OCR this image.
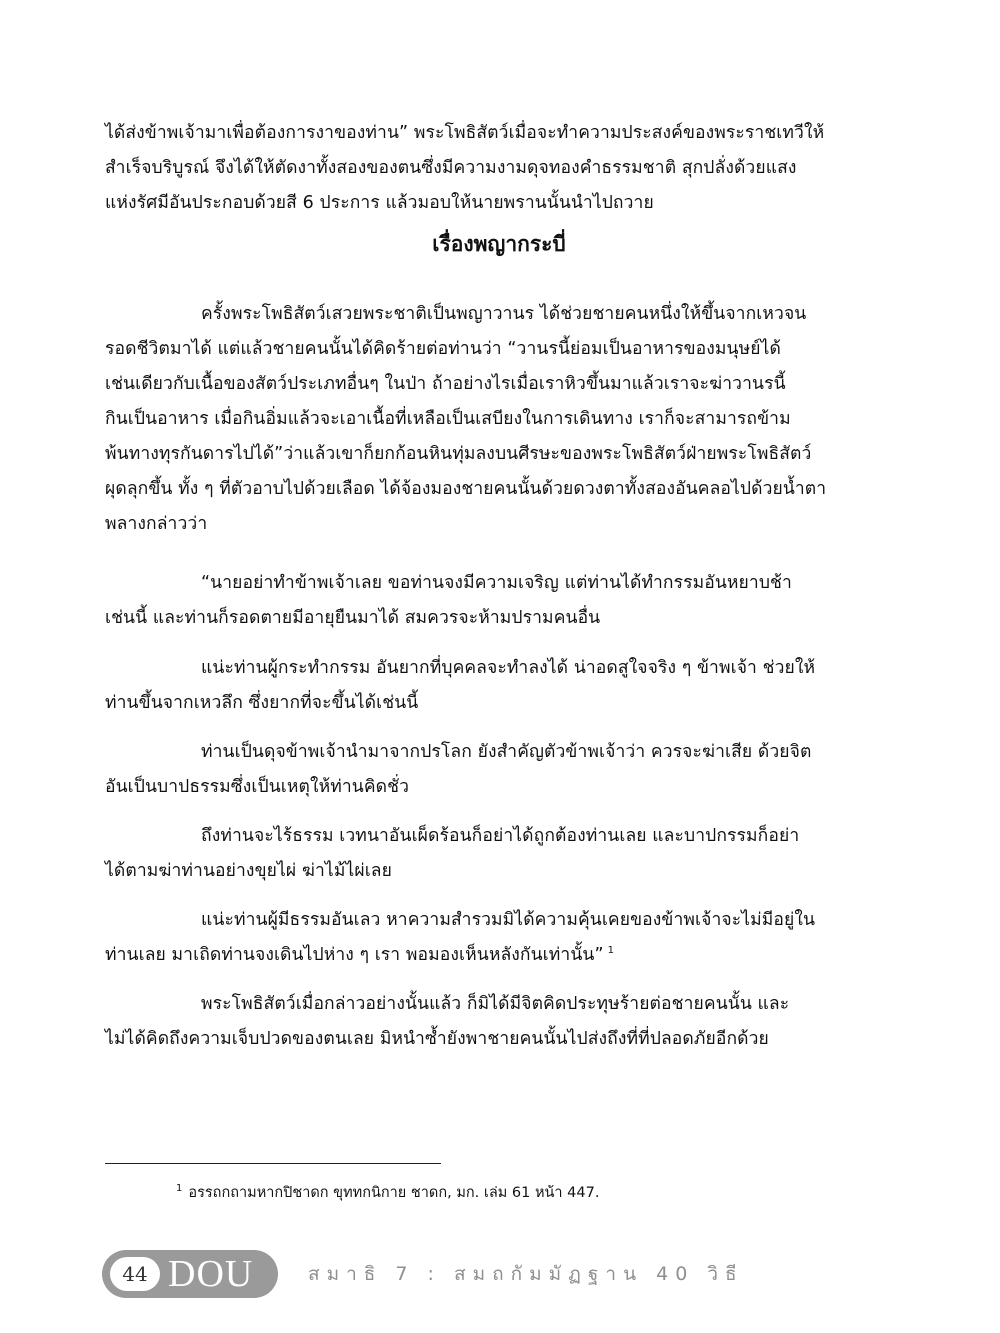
ได้ส่งข้าพเจ้ามาเพื่อต้องการงาของท่าน” พระโพธิสัตว์เมื่อจะทำความประสงค์ของพระราชเทวีให้
สำเร็จบริบูรณ์ จึงได้ให้ตัดงาทั้งสองของตนซึ่งมีความงามดุจทองคำธรรมชาติ สุกปลั่งด้วยแสง
แห่งรัศมีอันประกอบด้วยสี 6 ประการ แล้วมอบให้นายพรานนั้นนำไปถวาย

เรื่องพญากระบี่

ครั้งพระโพธิสัตว์เสวยพระชาติเป็นพญาวานร ได้ช่วยชายคนหนึ่งให้ขึ้นจากเหวจน
รอดชีวิตมาได้ แต่แล้วชายคนนั้นได้คิดร้ายต่อท่านว่า “วานรนี้ย่อมเป็นอาหารของมนุษย์ได้
เช่นเดียวกับเนื้อของสัตว์ประเภทอื่นๆ ในป่า ถ้าอย่างไรเมื่อเราหิวขึ้นมาแล้วเราจะฆ่าวานรนี้
กินเป็นอาหาร เมื่อกินอิ่มแล้วจะเอาเนื้อที่เหลือเป็นเสบียงในการเดินทาง เราก็จะสามารถข้าม
พ้นทางทุรกันดารไปได้”ว่าแล้วเขาก็ยกก้อนหินทุ่มลงบนศีรษะของพระโพธิสัตว์ฝ่ายพระโพธิสัตว์
ผุดลุกขึ้น ทั้ง ๆ ที่ตัวอาบไปด้วยเลือด ได้จ้องมองชายคนนั้นด้วยดวงตาทั้งสองอันคลอไปด้วยน้ำตา
พลางกล่าวว่า

“นายอย่าทำข้าพเจ้าเลย ขอท่านจงมีความเจริญ แต่ท่านได้ทำกรรมอันหยาบช้า
เช่นนี้ และท่านก็รอดตายมีอายุยืนมาได้ สมควรจะห้ามปรามคนอื่น

แน่ะท่านผู้กระทำกรรม อันยากที่บุคคลจะทำลงได้ น่าอดสูใจจริง ๆ ข้าพเจ้า ช่วยให้
ท่านขึ้นจากเหวลึก ซึ่งยากที่จะขึ้นได้เช่นนี้

ท่านเป็นดุจข้าพเจ้านำมาจากปรโลก ยังสำคัญตัวข้าพเจ้าว่า ควรจะฆ่าเสีย ด้วยจิต
อันเป็นบาปธรรมซึ่งเป็นเหตุให้ท่านคิดชั่ว

ถึงท่านจะไร้ธรรม เวทนาอันเผ็ดร้อนก็อย่าได้ถูกต้องท่านเลย และบาปกรรมก็อย่า
ได้ตามฆ่าท่านอย่างขุยไผ่ ฆ่าไม้ไผ่เลย

แน่ะท่านผู้มีธรรมอันเลว หาความสำรวมมิได้ความคุ้นเคยของข้าพเจ้าจะไม่มีอยู่ใน
ท่านเลย มาเถิดท่านจงเดินไปห่าง ๆ เรา พอมองเห็นหลังกันเท่านั้น” $^1$

พระโพธิสัตว์เมื่อกล่าวอย่างนั้นแล้ว ก็มิได้มีจิตคิดประทุษร้ายต่อชายคนนั้น และ
ไม่ได้คิดถึงความเจ็บปวดของตนเลย มิหนำซ้ำยังพาชายคนนั้นไปส่งถึงที่ที่ปลอดภัยอีกด้วย

$^1$ อรรถกถามหากปิชาดก ขุททกนิกาย ชาดก, มก. เล่ม 61 หน้า 447.

44 DOU	สมาธิ 7 : สมถกัมมัฏฐาน 40 วิธี
